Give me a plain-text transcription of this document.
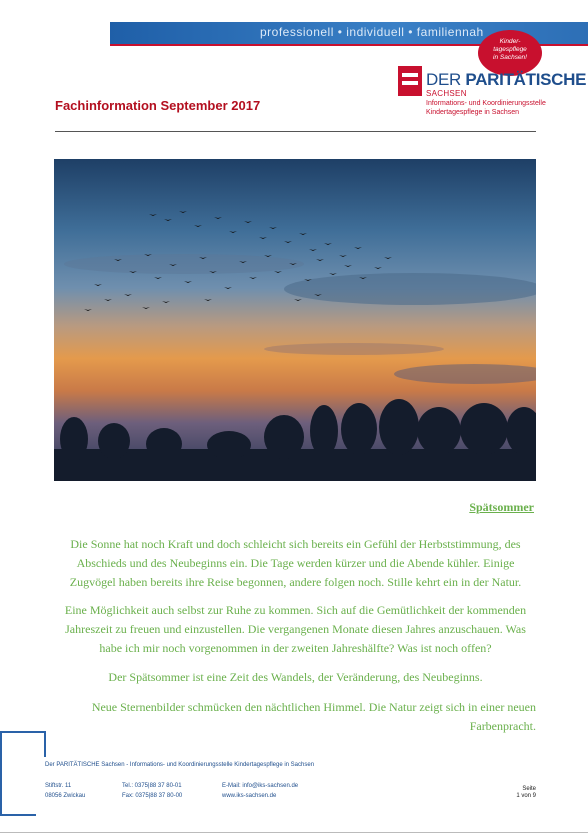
professionell • individuell • familiennah
Kinder-
tagespflege
in Sachsen!
DER PARITÄTISCHE
SACHSEN
Informations- und Koordinierungsstelle Kindertagespflege in Sachsen
Fachinformation September 2017
Spätsommer
Die Sonne hat noch Kraft und doch schleicht sich bereits ein Gefühl der Herbststimmung, des Abschieds und des Neubeginns ein. Die Tage werden kürzer und die Abende kühler. Einige Zugvögel haben bereits ihre Reise begonnen, andere folgen noch. Stille kehrt ein in der Natur.
Eine Möglichkeit auch selbst zur Ruhe zu kommen. Sich auf die Gemütlichkeit der kommenden Jahreszeit zu freuen und einzustellen. Die vergangenen Monate diesen Jahres anzuschauen. Was habe ich mir noch vorgenommen in der zweiten Jahreshälfte? Was ist noch offen?
Der Spätsommer ist eine Zeit des Wandels, der Veränderung, des Neubeginns.
Neue Sternenbilder schmücken den nächtlichen Himmel. Die Natur zeigt sich in einer neuen Farbenpracht.
Der PARITÄTISCHE Sachsen - Informations- und Koordinierungsstelle Kindertagespflege in Sachsen
Stiftstr. 11
08056 Zwickau
Tel.: 0375|88 37 80-01
Fax: 0375|88 37 80-00
E-Mail: info@iks-sachsen.de
www.iks-sachsen.de
Seite
1 von 9
